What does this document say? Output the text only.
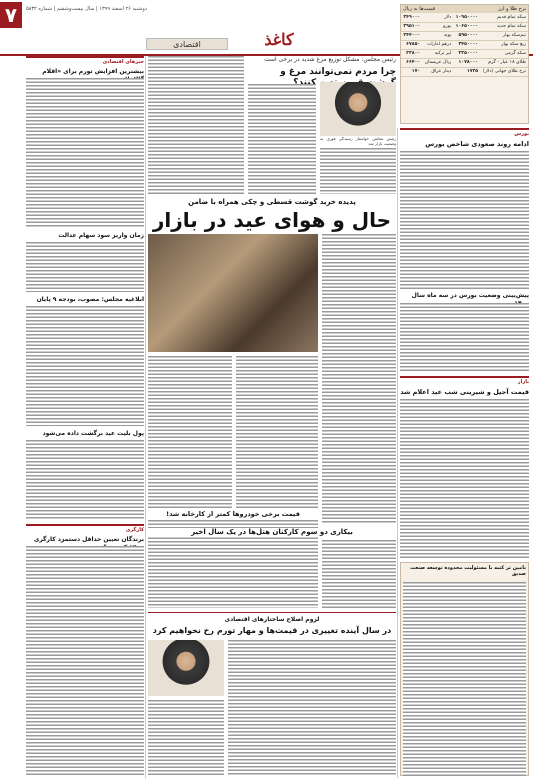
۷	دوشنبه ۲۶ اسفند ۱۳۹۹ | سال بیست‌وششم | شماره ۵۸۳۲
اقتصادی	کاغذ
نرخ طلا و ارز
قیمت‌ها به ریال
سکه تمام قدیم	۱۰۹۵۰۰۰۰	دلار	۲۴۹۰۰۰
سکه تمام جدید	۱۰۶۵۰۰۰۰	یورو	۲۹۵۱۰۰
نیم‌سکه بهار	۵۹۵۰۰۰۰	پوند	۳۴۴۰۰۰
ربع سکه بهار	۳۴۵۰۰۰۰	درهم امارات	۶۷۸۵۰
سکه گرمی	۲۲۵۰۰۰۰	لیر ترکیه	۳۳۸۰۰
طلای ۱۸ عیار - گرم	۱۰۷۸۰۰۰	ریال عربستان	۶۶۴۰۰
نرخ طلای جهانی (دلار)	۱۷۳۵	دینار عراق	۱۷۰
رئیس مجلس: مشکل توزیع مرغ شدید در برخی است
چرا مردم نمی‌توانند مرغ و
رئیس مجلس خواستار رسیدگی فوری به وضعیت بازار شد
بورس
ادامه روند صعودی شاخص بورس
پیش‌بینی وضعیت بورس در سه ماه سال
بازار
قیمت آجیل و شیرینی شب عید اعلام شد
نامین ثر کتبه با مسئولیت محدودة توسعه صنعت صدیق
پدیده خرید گوشت قسطی و چکی همراه با ضامن
حال و هوای عید در بازار
قیمت برخی خودروها کمتر از کارخانه شد!
بیکاری دو سوم کارکنان هتل‌ها در یک سال اخیر
لزوم اصلاح ساختارهای اقتصادی
در سال آینده تغییری در قیمت‌ها و مهار تورم رخ نخواهیم کرد
خبرهای اقتصادی
بیشترین افزایش تورم برای «اقلام
زمان واریز سود سهام عدالت
ابلاغیه مجلس: مصوب، بودجه ۹ پایان
پول بلیت عید برگشت داده می‌شود
کارگری
برندگان تعیین حداقل دستمزد کارگری
